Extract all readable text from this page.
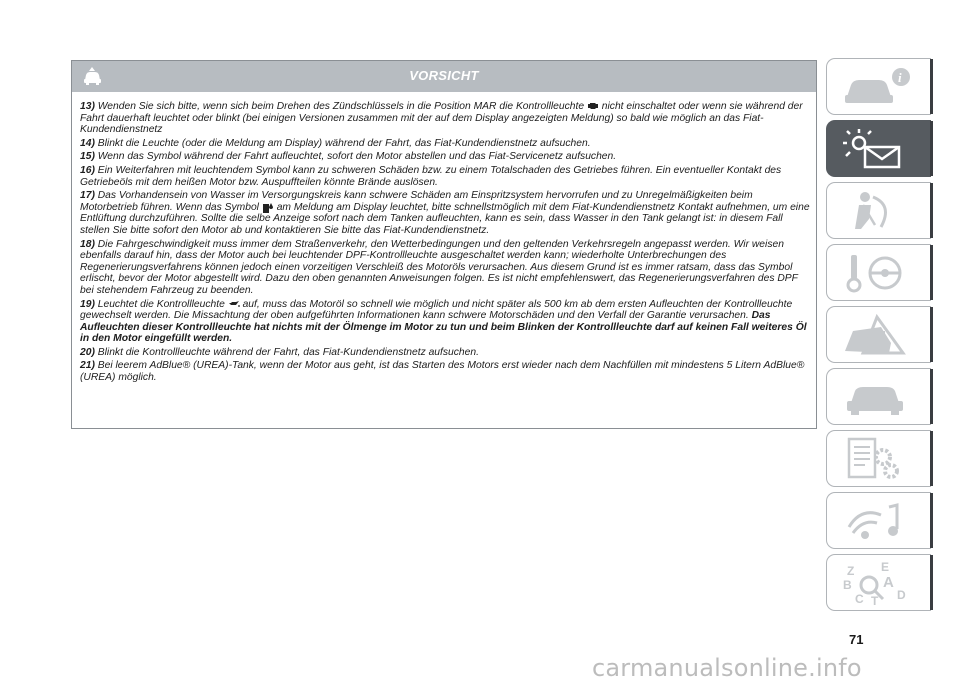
VORSICHT
13) Wenden Sie sich bitte, wenn sich beim Drehen des Zündschlüssels in die Position MAR die Kontrollleuchte
nicht einschaltet oder wenn sie während der Fahrt dauerhaft leuchtet oder blinkt (bei einigen Versionen zusammen mit der auf dem Display angezeigten Meldung) so bald wie möglich an das Fiat-Kundendienstnetz
14) Blinkt die Leuchte (oder die Meldung am Display) während der Fahrt, das Fiat-Kundendienstnetz aufsuchen.
15) Wenn das Symbol während der Fahrt aufleuchtet, sofort den Motor abstellen und das Fiat-Servicenetz aufsuchen.
16) Ein Weiterfahren mit leuchtendem Symbol kann zu schweren Schäden bzw. zu einem Totalschaden des Getriebes führen. Ein eventueller Kontakt des Getriebeöls mit dem heißen Motor bzw. Auspuffteilen könnte Brände auslösen.
17) Das Vorhandensein von Wasser im Versorgungskreis kann schwere Schäden am Einspritzsystem hervorrufen und zu Unregelmäßigkeiten beim Motorbetrieb führen. Wenn das Symbol
am Meldung am Display leuchtet, bitte schnellstmöglich mit dem Fiat-Kundendienstnetz Kontakt aufnehmen, um eine Entlüftung durchzuführen. Sollte die selbe Anzeige sofort nach dem Tanken aufleuchten, kann es sein, dass Wasser in den Tank gelangt ist: in diesem Fall stellen Sie bitte sofort den Motor ab und kontaktieren Sie bitte das Fiat-Kundendienstnetz.
18) Die Fahrgeschwindigkeit muss immer dem Straßenverkehr, den Wetterbedingungen und den geltenden Verkehrsregeln angepasst werden. Wir weisen ebenfalls darauf hin, dass der Motor auch bei leuchtender DPF-Kontrollleuchte ausgeschaltet werden kann; wiederholte Unterbrechungen des Regenerierungsverfahrens können jedoch einen vorzeitigen Verschleiß des Motoröls verursachen. Aus diesem Grund ist es immer ratsam, dass das Symbol erlischt, bevor der Motor abgestellt wird. Dazu den oben genannten Anweisungen folgen. Es ist nicht empfehlenswert, das Regenerierungsverfahren des DPF bei stehendem Fahrzeug zu beenden.
19) Leuchtet die Kontrollleuchte
auf, muss das Motoröl so schnell wie möglich und nicht später als 500 km ab dem ersten Aufleuchten der Kontrollleuchte gewechselt werden. Die Missachtung der oben aufgeführten Informationen kann schwere Motorschäden und den Verfall der Garantie verursachen. Das Aufleuchten dieser Kontrollleuchte hat nichts mit der Ölmenge im Motor zu tun und beim Blinken der Kontrollleuchte darf auf keinen Fall weiteres Öl in den Motor eingefüllt werden.
20) Blinkt die Kontrollleuchte während der Fahrt, das Fiat-Kundendienstnetz aufsuchen.
21) Bei leerem AdBlue® (UREA)-Tank, wenn der Motor aus geht, ist das Starten des Motors erst wieder nach dem Nachfüllen mit mindestens 5 Litern AdBlue® (UREA) möglich.
i
Z E
A
B
C	D
T
71
carmanualsonline.info
